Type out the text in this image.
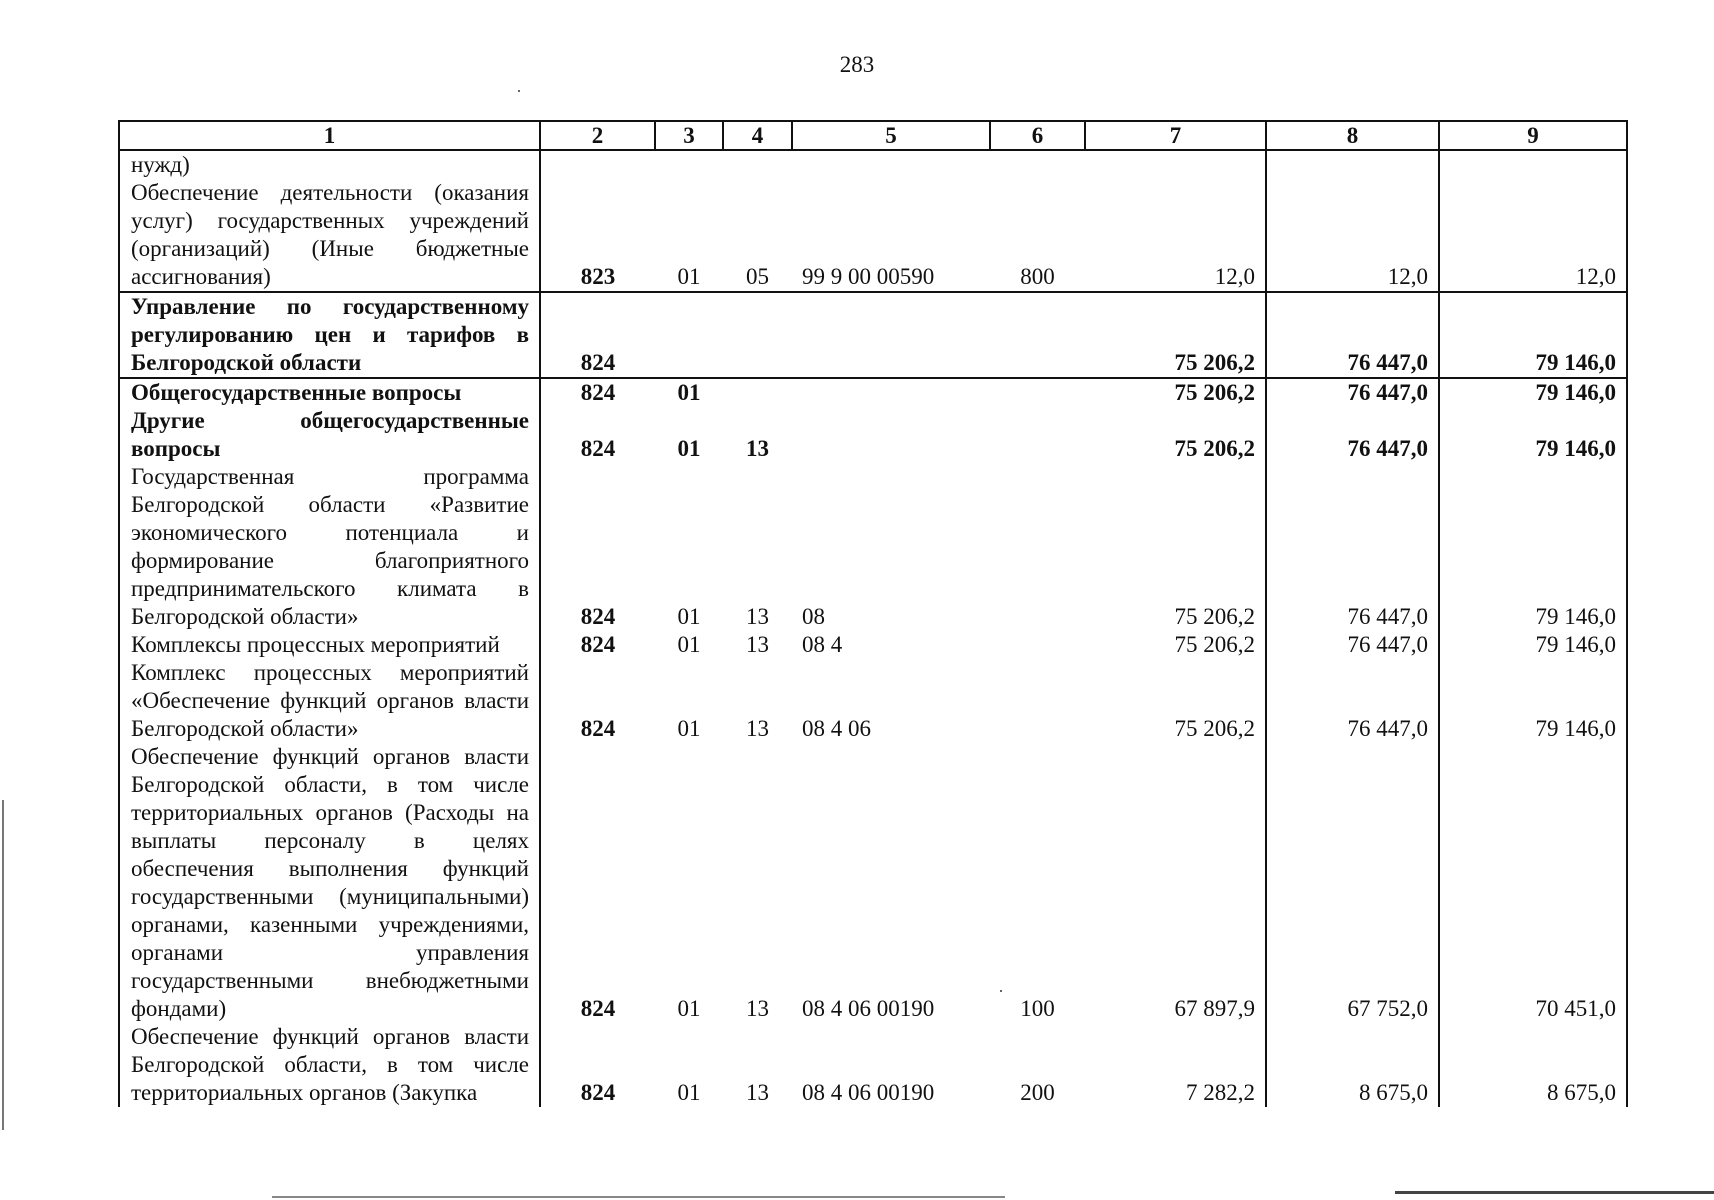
283
1	2	3	4	5	6	7	8	9
нужд)
Обеспечение деятельности (оказания услуг) государственных учреждений (организаций) (Иные бюджетные ассигнования)	823	01	05	99 9 00 00590	800	12,0	12,0	12,0
Управление по государственному регулированию цен и тарифов в Белгородской области	824					75 206,2	76 447,0	79 146,0
Общегосударственные вопросы	824	01				75 206,2	76 447,0	79 146,0
Другие общегосударственные вопросы	824	01	13			75 206,2	76 447,0	79 146,0
Государственная программа Белгородской области «Развитие экономического потенциала и формирование благоприятного предпринимательского климата в Белгородской области»	824	01	13	08		75 206,2	76 447,0	79 146,0
Комплексы процессных мероприятий	824	01	13	08 4		75 206,2	76 447,0	79 146,0
Комплекс процессных мероприятий «Обеспечение функций органов власти Белгородской области»	824	01	13	08 4 06		75 206,2	76 447,0	79 146,0
Обеспечение функций органов власти Белгородской области, в том числе территориальных органов (Расходы на выплаты персоналу в целях обеспечения выполнения функций государственными (муниципальными) органами, казенными учреждениями, органами управления государственными внебюджетными фондами)	824	01	13	08 4 06 00190	100	67 897,9	67 752,0	70 451,0
Обеспечение функций органов власти Белгородской области, в том числе территориальных органов (Закупка	824	01	13	08 4 06 00190	200	7 282,2	8 675,0	8 675,0
